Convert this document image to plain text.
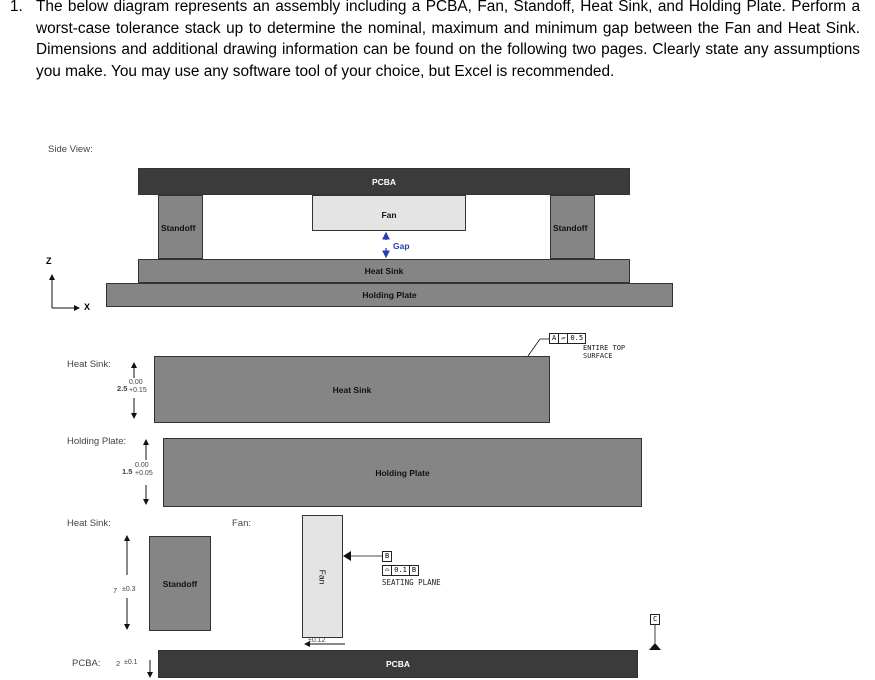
1. The below diagram represents an assembly including a PCBA, Fan, Standoff, Heat Sink, and Holding Plate. Perform a worst-case tolerance stack up to determine the nominal, maximum and minimum gap between the Fan and Heat Sink. Dimensions and additional drawing information can be found on the following two pages. Clearly state any assumptions you make. You may use any software tool of your choice, but Excel is recommended.
Side View:
PCBA
Standoff	Standoff
Fan
Heat Sink
Holding Plate
Gap
Z
X
Heat Sink:
2.5
0.00
+0.15	Heat Sink
A ▱ 0.5
ENTIRE TOP
SURFACE
Holding Plate:
1.5
0.00
+0.05	Holding Plate
Heat Sink:
7 ±0.3
Standoff
Fan:
Fan
B
⌓ 0.1 B
SEATING PLANE
±0.12
PCBA: 2 ±0.1	PCBA
C
